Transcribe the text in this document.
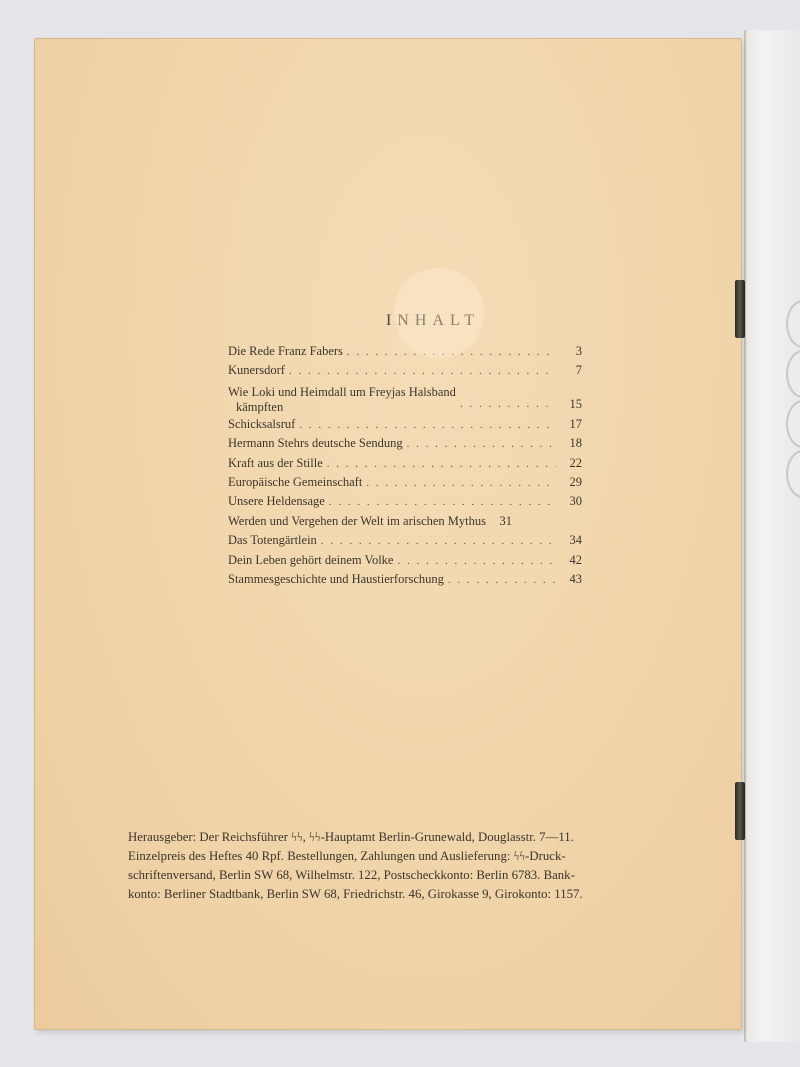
INHALT
Die Rede Franz Fabers . . .	3
Kunersdorf . . .	7
Wie Loki und Heimdall um Freyjas Halsband
kämpften . . .	15
Schicksalsruf . . .	17
Hermann Stehrs deutsche Sendung . . .	18
Kraft aus der Stille . . .	22
Europäische Gemeinschaft . . .	29
Unsere Heldensage . . .	30
Werden und Vergehen der Welt im arischen Mythus	31
Das Totengärtlein . . .	34
Dein Leben gehört deinem Volke . . .	42
Stammesgeschichte und Haustierforschung . . .	43
Herausgeber: Der Reichsführer ϟϟ, ϟϟ-Hauptamt Berlin-Grunewald, Douglasstr. 7—11.
Einzelpreis des Heftes 40 Rpf. Bestellungen, Zahlungen und Auslieferung: ϟϟ-Druck-
schriftenversand, Berlin SW 68, Wilhelmstr. 122, Postscheckkonto: Berlin 6783. Bank-
konto: Berliner Stadtbank, Berlin SW 68, Friedrichstr. 46, Girokasse 9, Girokonto: 1157.
